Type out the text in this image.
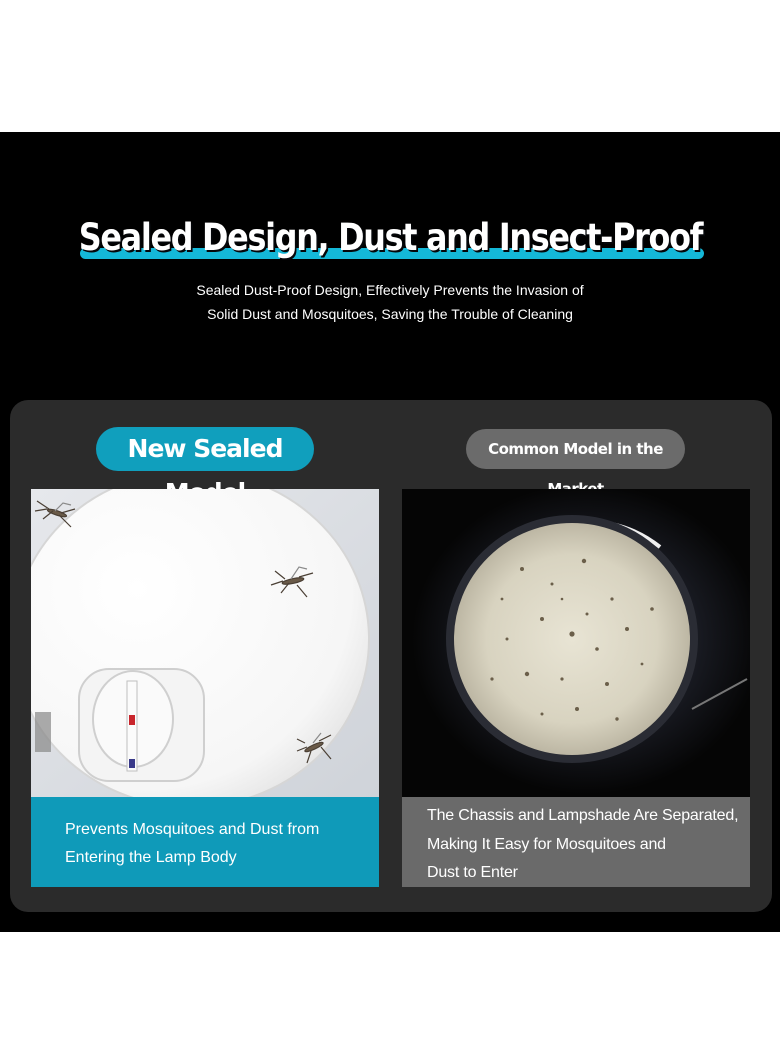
Sealed Design, Dust and Insect-Proof
Sealed Dust-Proof Design, Effectively Prevents the Invasion of
Solid Dust and Mosquitoes, Saving the Trouble of Cleaning
New Sealed	Common Model in the
Prevents Mosquitoes and Dust from
Entering the Lamp Body
The Chassis and Lampshade Are Separated,
Making It Easy for Mosquitoes and
Dust to Enter
